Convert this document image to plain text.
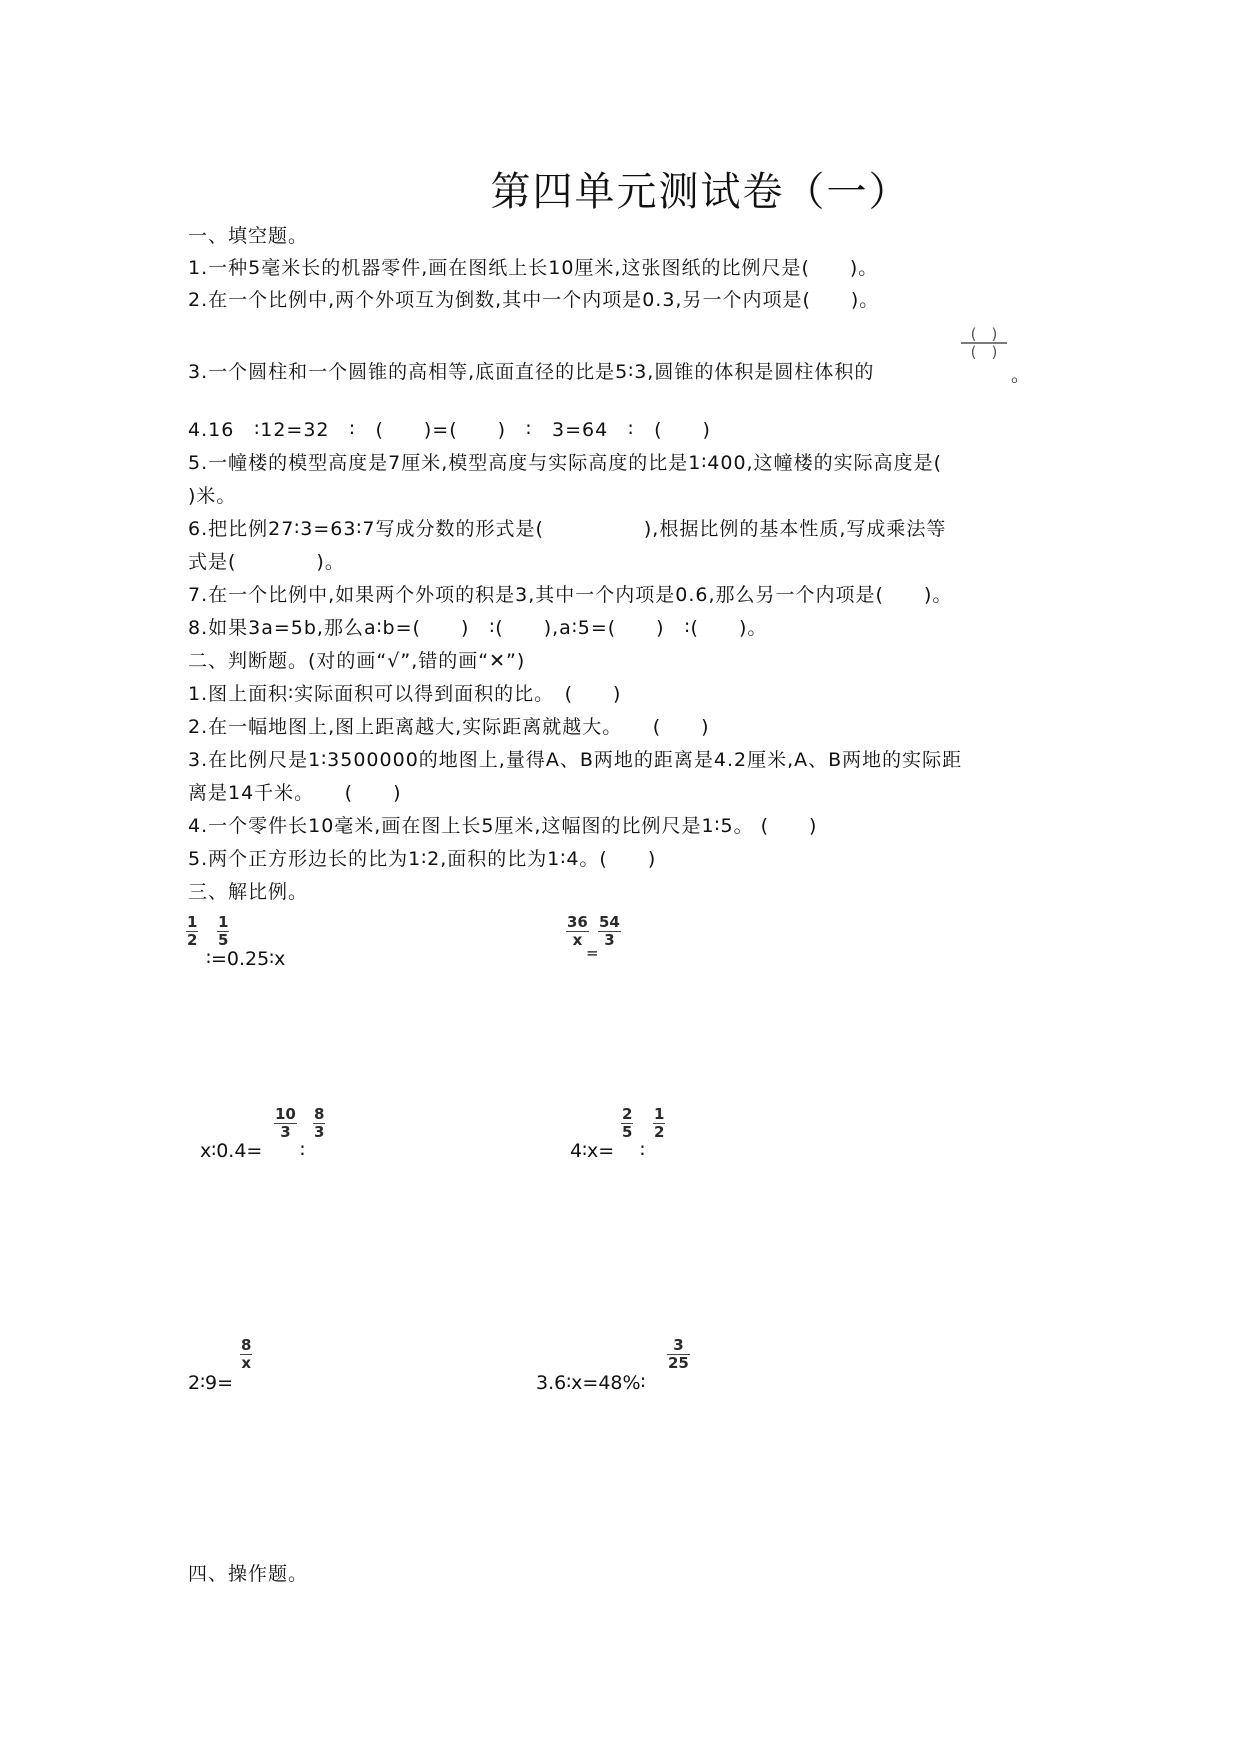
第四单元测试卷（一）
一、填空题。
1.一种5毫米长的机器零件,画在图纸上长10厘米,这张图纸的比例尺是(　　)。
2.在一个比例中,两个外项互为倒数,其中一个内项是0.3,另一个内项是(　　)。
3.一个圆柱和一个圆锥的高相等,底面直径的比是5∶3,圆锥的体积是圆柱体积的
(　)
(　)
。
4.16　∶12=32　∶　(　　)=(　　)　∶　3=64　∶　(　　)
5.一幢楼的模型高度是7厘米,模型高度与实际高度的比是1∶400,这幢楼的实际高度是(
)米。
6.把比例27∶3=63∶7写成分数的形式是(　　　　　),根据比例的基本性质,写成乘法等
式是(　　　　)。
7.在一个比例中,如果两个外项的积是3,其中一个内项是0.6,那么另一个内项是(　　)。
8.如果3a=5b,那么a∶b=(　　)　∶(　　),a∶5=(　　)　∶(　　)。
二、判断题。(对的画“√”,错的画“✕”)
1.图上面积∶实际面积可以得到面积的比。　(　　)
2.在一幅地图上,图上距离越大,实际距离就越大。　　(　　)
3.在比例尺是1∶3500000的地图上,量得A、B两地的距离是4.2厘米,A、B两地的实际距
离是14千米。　　(　　)
4.一个零件长10毫米,画在图上长5厘米,这幅图的比例尺是1∶5。 (　　)
5.两个正方形边长的比为1∶2,面积的比为1∶4。(　　)
三、解比例。
$\frac{1}{2} \frac{1}{5}$
∶=0.25∶x
$\frac{36}{x} \frac{54}{3}$
=
x∶0.4=
$\frac{10}{3}$
∶
$\frac{8}{3}$
4∶x=
$\frac{2}{5}$
∶
$\frac{1}{2}$
2∶9=
$\frac{8}{x}$
3.6∶x=48%∶
$\frac{3}{25}$
四、操作题。
